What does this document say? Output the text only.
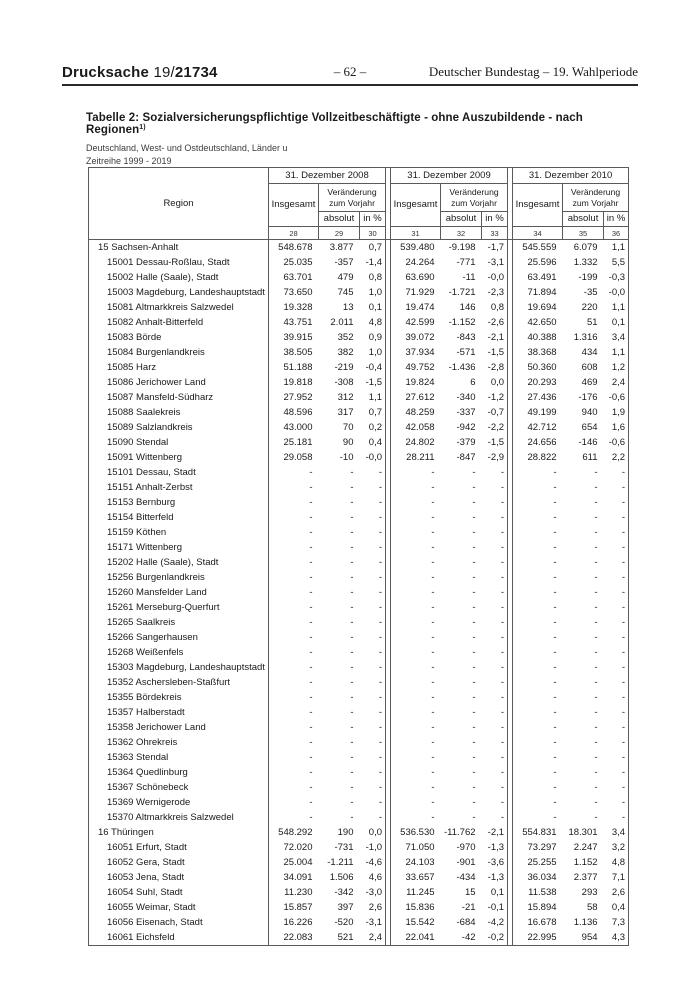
Drucksache 19/21734	– 62 –	Deutscher Bundestag – 19. Wahlperiode
Tabelle 2: Sozialversicherungspflichtige Vollzeitbeschäftigte - ohne Auszubildende - nach Regionen$^{1)}$
Deutschland, West- und Ostdeutschland, Länder u
Zeitreihe 1999 - 2019
Region	31. Dezember 2008				31. Dezember 2009				31. Dezember 2010		
	Insgesamt	Veränderung zum Vorjahr			Insgesamt	Veränderung zum Vorjahr			Insgesamt	Veränderung zum Vorjahr	
		absolut	in %			absolut	in %			absolut	in %
	28	29	30		31	32	33		34	35	36
15 Sachsen-Anhalt	548.678	3.877	0,7		539.480	-9.198	-1,7		545.559	6.079	1,1
15001 Dessau-Roßlau, Stadt	25.035	-357	-1,4		24.264	-771	-3,1		25.596	1.332	5,5
15002 Halle (Saale), Stadt	63.701	479	0,8		63.690	-11	-0,0		63.491	-199	-0,3
15003 Magdeburg, Landeshauptstadt	73.650	745	1,0		71.929	-1.721	-2,3		71.894	-35	-0,0
15081 Altmarkkreis Salzwedel	19.328	13	0,1		19.474	146	0,8		19.694	220	1,1
15082 Anhalt-Bitterfeld	43.751	2.011	4,8		42.599	-1.152	-2,6		42.650	51	0,1
15083 Börde	39.915	352	0,9		39.072	-843	-2,1		40.388	1.316	3,4
15084 Burgenlandkreis	38.505	382	1,0		37.934	-571	-1,5		38.368	434	1,1
15085 Harz	51.188	-219	-0,4		49.752	-1.436	-2,8		50.360	608	1,2
15086 Jerichower Land	19.818	-308	-1,5		19.824	6	0,0		20.293	469	2,4
15087 Mansfeld-Südharz	27.952	312	1,1		27.612	-340	-1,2		27.436	-176	-0,6
15088 Saalekreis	48.596	317	0,7		48.259	-337	-0,7		49.199	940	1,9
15089 Salzlandkreis	43.000	70	0,2		42.058	-942	-2,2		42.712	654	1,6
15090 Stendal	25.181	90	0,4		24.802	-379	-1,5		24.656	-146	-0,6
15091 Wittenberg	29.058	-10	-0,0		28.211	-847	-2,9		28.822	611	2,2
15101 Dessau, Stadt	-	-	-		-	-	-		-	-	-
15151 Anhalt-Zerbst	-	-	-		-	-	-		-	-	-
15153 Bernburg	-	-	-		-	-	-		-	-	-
15154 Bitterfeld	-	-	-		-	-	-		-	-	-
15159 Köthen	-	-	-		-	-	-		-	-	-
15171 Wittenberg	-	-	-		-	-	-		-	-	-
15202 Halle (Saale), Stadt	-	-	-		-	-	-		-	-	-
15256 Burgenlandkreis	-	-	-		-	-	-		-	-	-
15260 Mansfelder Land	-	-	-		-	-	-		-	-	-
15261 Merseburg-Querfurt	-	-	-		-	-	-		-	-	-
15265 Saalkreis	-	-	-		-	-	-		-	-	-
15266 Sangerhausen	-	-	-		-	-	-		-	-	-
15268 Weißenfels	-	-	-		-	-	-		-	-	-
15303 Magdeburg, Landeshauptstadt	-	-	-		-	-	-		-	-	-
15352 Aschersleben-Staßfurt	-	-	-		-	-	-		-	-	-
15355 Bördekreis	-	-	-		-	-	-		-	-	-
15357 Halberstadt	-	-	-		-	-	-		-	-	-
15358 Jerichower Land	-	-	-		-	-	-		-	-	-
15362 Ohrekreis	-	-	-		-	-	-		-	-	-
15363 Stendal	-	-	-		-	-	-		-	-	-
15364 Quedlinburg	-	-	-		-	-	-		-	-	-
15367 Schönebeck	-	-	-		-	-	-		-	-	-
15369 Wernigerode	-	-	-		-	-	-		-	-	-
15370 Altmarkkreis Salzwedel	-	-	-		-	-	-		-	-	-
16 Thüringen	548.292	190	0,0		536.530	-11.762	-2,1		554.831	18.301	3,4
16051 Erfurt, Stadt	72.020	-731	-1,0		71.050	-970	-1,3		73.297	2.247	3,2
16052 Gera, Stadt	25.004	-1.211	-4,6		24.103	-901	-3,6		25.255	1.152	4,8
16053 Jena, Stadt	34.091	1.506	4,6		33.657	-434	-1,3		36.034	2.377	7,1
16054 Suhl, Stadt	11.230	-342	-3,0		11.245	15	0,1		11.538	293	2,6
16055 Weimar, Stadt	15.857	397	2,6		15.836	-21	-0,1		15.894	58	0,4
16056 Eisenach, Stadt	16.226	-520	-3,1		15.542	-684	-4,2		16.678	1.136	7,3
16061 Eichsfeld	22.083	521	2,4		22.041	-42	-0,2		22.995	954	4,3
